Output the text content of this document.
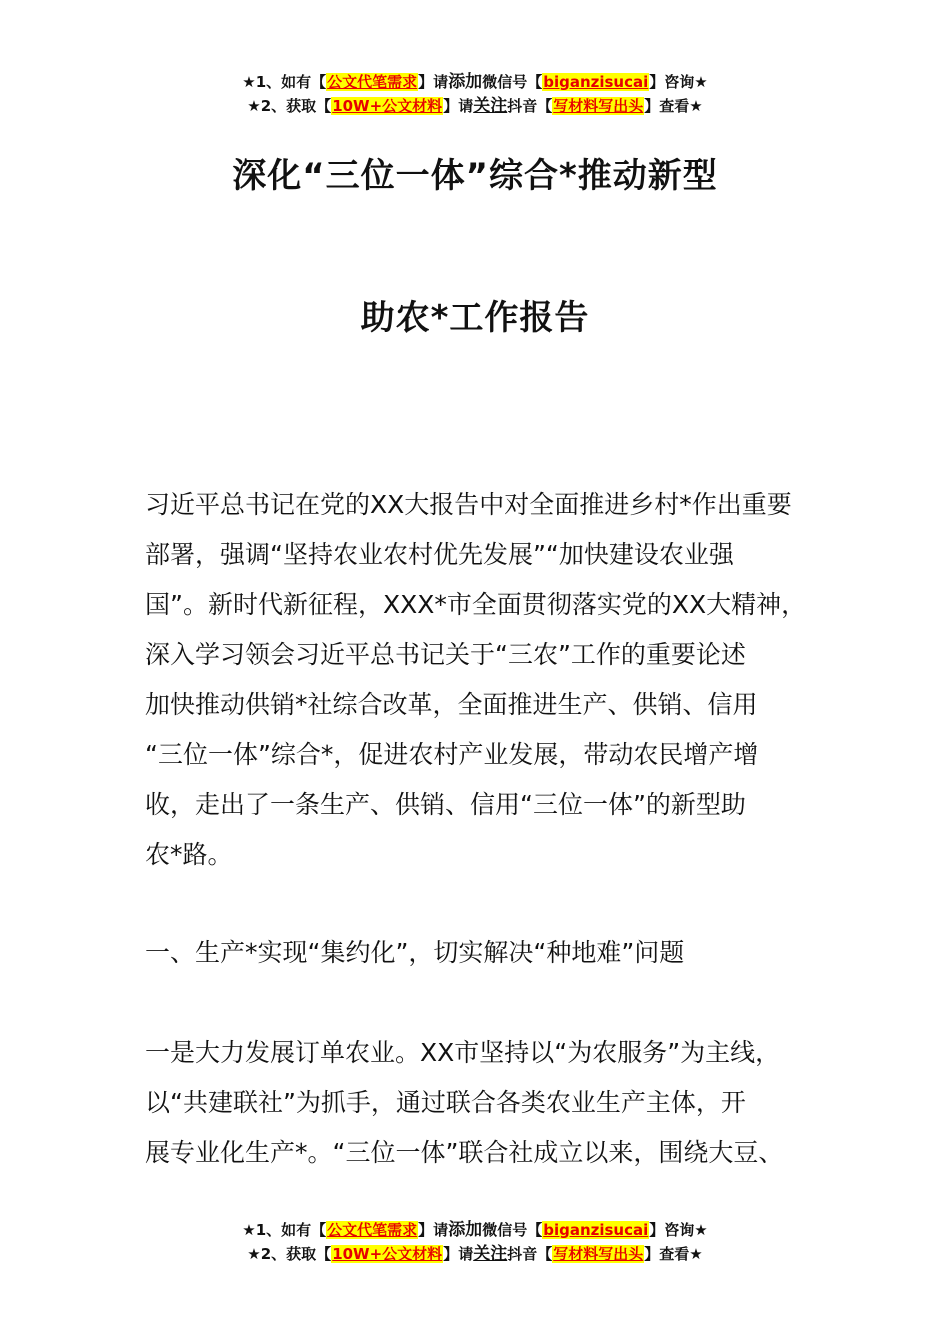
★1、如有【公文代笔需求】请添加微信号【biganzisucai】咨询★
★2、获取【10W+公文材料】请关注抖音【写材料写出头】查看★
深化“三位一体”综合*推动新型
助农*工作报告
习近平总书记在党的XX大报告中对全面推进乡村*作出重要
部署，强调“坚持农业农村优先发展”“加快建设农业强
国”。新时代新征程，XXX*市全面贯彻落实党的XX大精神，
深入学习领会习近平总书记关于“三农”工作的重要论述
加快推动供销*社综合改革，全面推进生产、供销、信用
“三位一体”综合*，促进农村产业发展，带动农民增产增
收，走出了一条生产、供销、信用“三位一体”的新型助
农*路。
一、生产*实现“集约化”，切实解决“种地难”问题
一是大力发展订单农业。XX市坚持以“为农服务”为主线，
以“共建联社”为抓手，通过联合各类农业生产主体，开
展专业化生产*。“三位一体”联合社成立以来，围绕大豆、
★1、如有【公文代笔需求】请添加微信号【biganzisucai】咨询★
★2、获取【10W+公文材料】请关注抖音【写材料写出头】查看★
